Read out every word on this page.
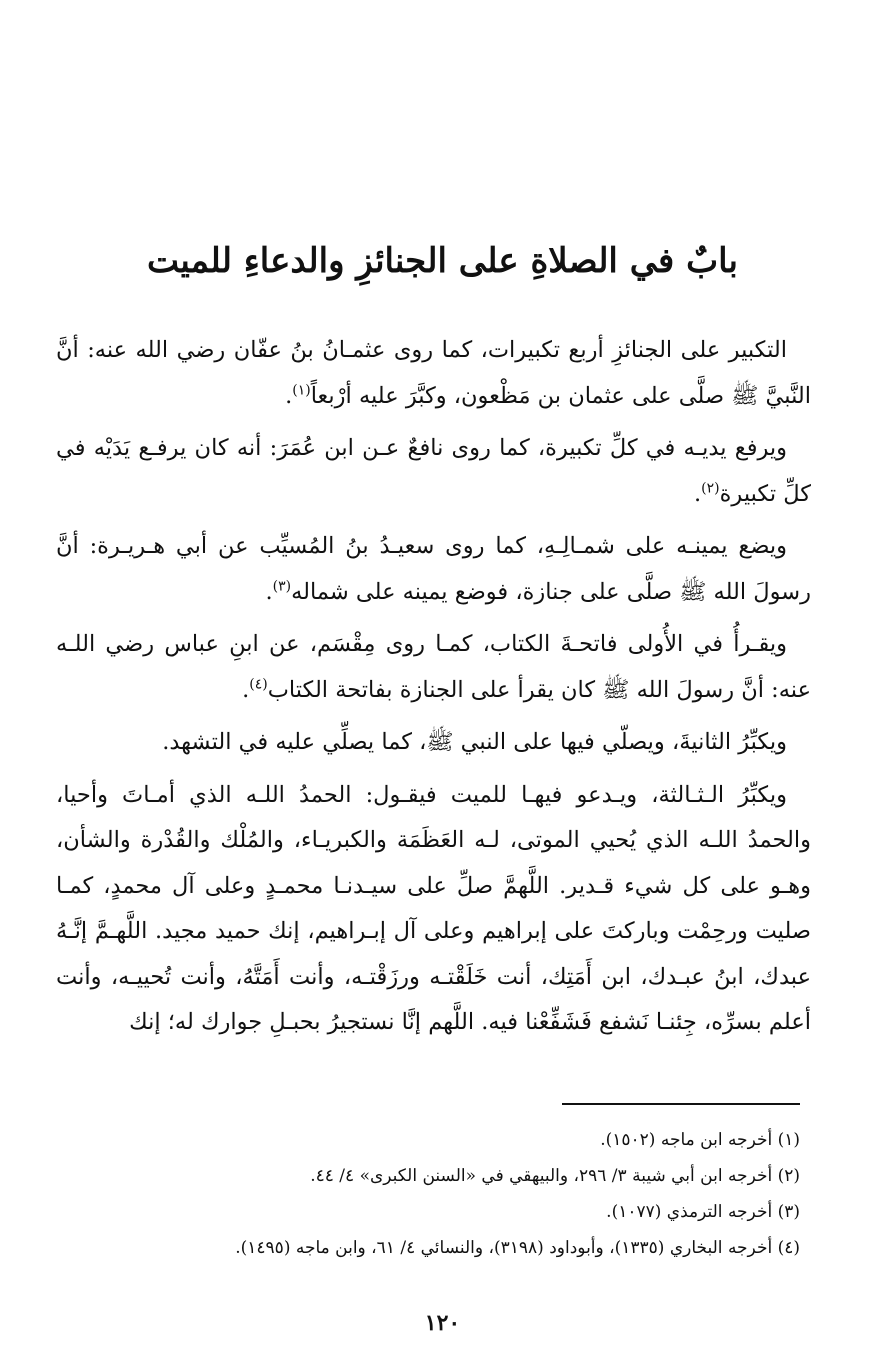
بابٌ في الصلاةِ على الجنائزِ والدعاءِ للميت

التكبير على الجنائزِ أربع تكبيرات، كما روى عثمـانُ بنُ عفّان رضي الله عنه: أنَّ النَّبيَّ ﷺ صلَّى على عثمان بن مَظْعون، وكبَّرَ عليه أرْبعاً$^{(١)}$.

ويرفع يديـه في كلِّ تكبيرة، كما روى نافعٌ عـن ابن عُمَرَ: أنه كان يرفـع يَدَيْه في كلِّ تكبيرة$^{(٢)}$.

ويضع يمينـه على شمـالِـهِ، كما روى سعيـدُ بنُ المُسيِّب عن أبي هـريـرة: أنَّ رسولَ الله ﷺ صلَّى على جنازة، فوضع يمينه على شماله$^{(٣)}$.

ويقـرأُ في الأُولى فاتحـةَ الكتاب، كمـا روى مِقْسَم، عن ابنِ عباس رضي اللـه عنه: أنَّ رسولَ الله ﷺ كان يقرأ على الجنازة بفاتحة الكتاب$^{(٤)}$.

ويكبِّرُ الثانيةَ، ويصلّي فيها على النبي ﷺ، كما يصلِّي عليه في التشهد.

ويكبِّرُ الـثـالثة، ويـدعو فيهـا للميت فيقـول: الحمدُ اللـه الذي أمـاتَ وأحيا، والحمدُ اللـه الذي يُحيي الموتى، لـه العَظَمَة والكبريـاء، والمُلْك والقُدْرة والشأن، وهـو على كل شيء قـدير. اللَّهمَّ صلِّ على سيـدنـا محمـدٍ وعلى آل محمدٍ، كمـا صليت ورحِمْت وباركتَ على إبراهيم وعلى آل إبـراهيم، إنك حميد مجيد. اللَّهـمَّ إنَّـهُ عبدك، ابنُ عبـدك، ابن أَمَتِك، أنت خَلَقْتـه ورزَقْتـه، وأنت أَمَتَّهُ، وأنت تُحييـه، وأنت أعلم بسرِّه، جِئنـا نَشفع فَشَفِّعْنا فيه. اللَّهم إنَّا نستجيرُ بحبـلِ جوارك له؛ إنك

(١) أخرجه ابن ماجه (١٥٠٢).

(٢) أخرجه ابن أبي شيبة ٣/ ٢٩٦، والبيهقي في «السنن الكبرى» ٤/ ٤٤.

(٣) أخرجه الترمذي (١٠٧٧).

(٤) أخرجه البخاري (١٣٣٥)، وأبوداود (٣١٩٨)، والنسائي ٤/ ٦١، وابن ماجه (١٤٩٥).

١٢٠
